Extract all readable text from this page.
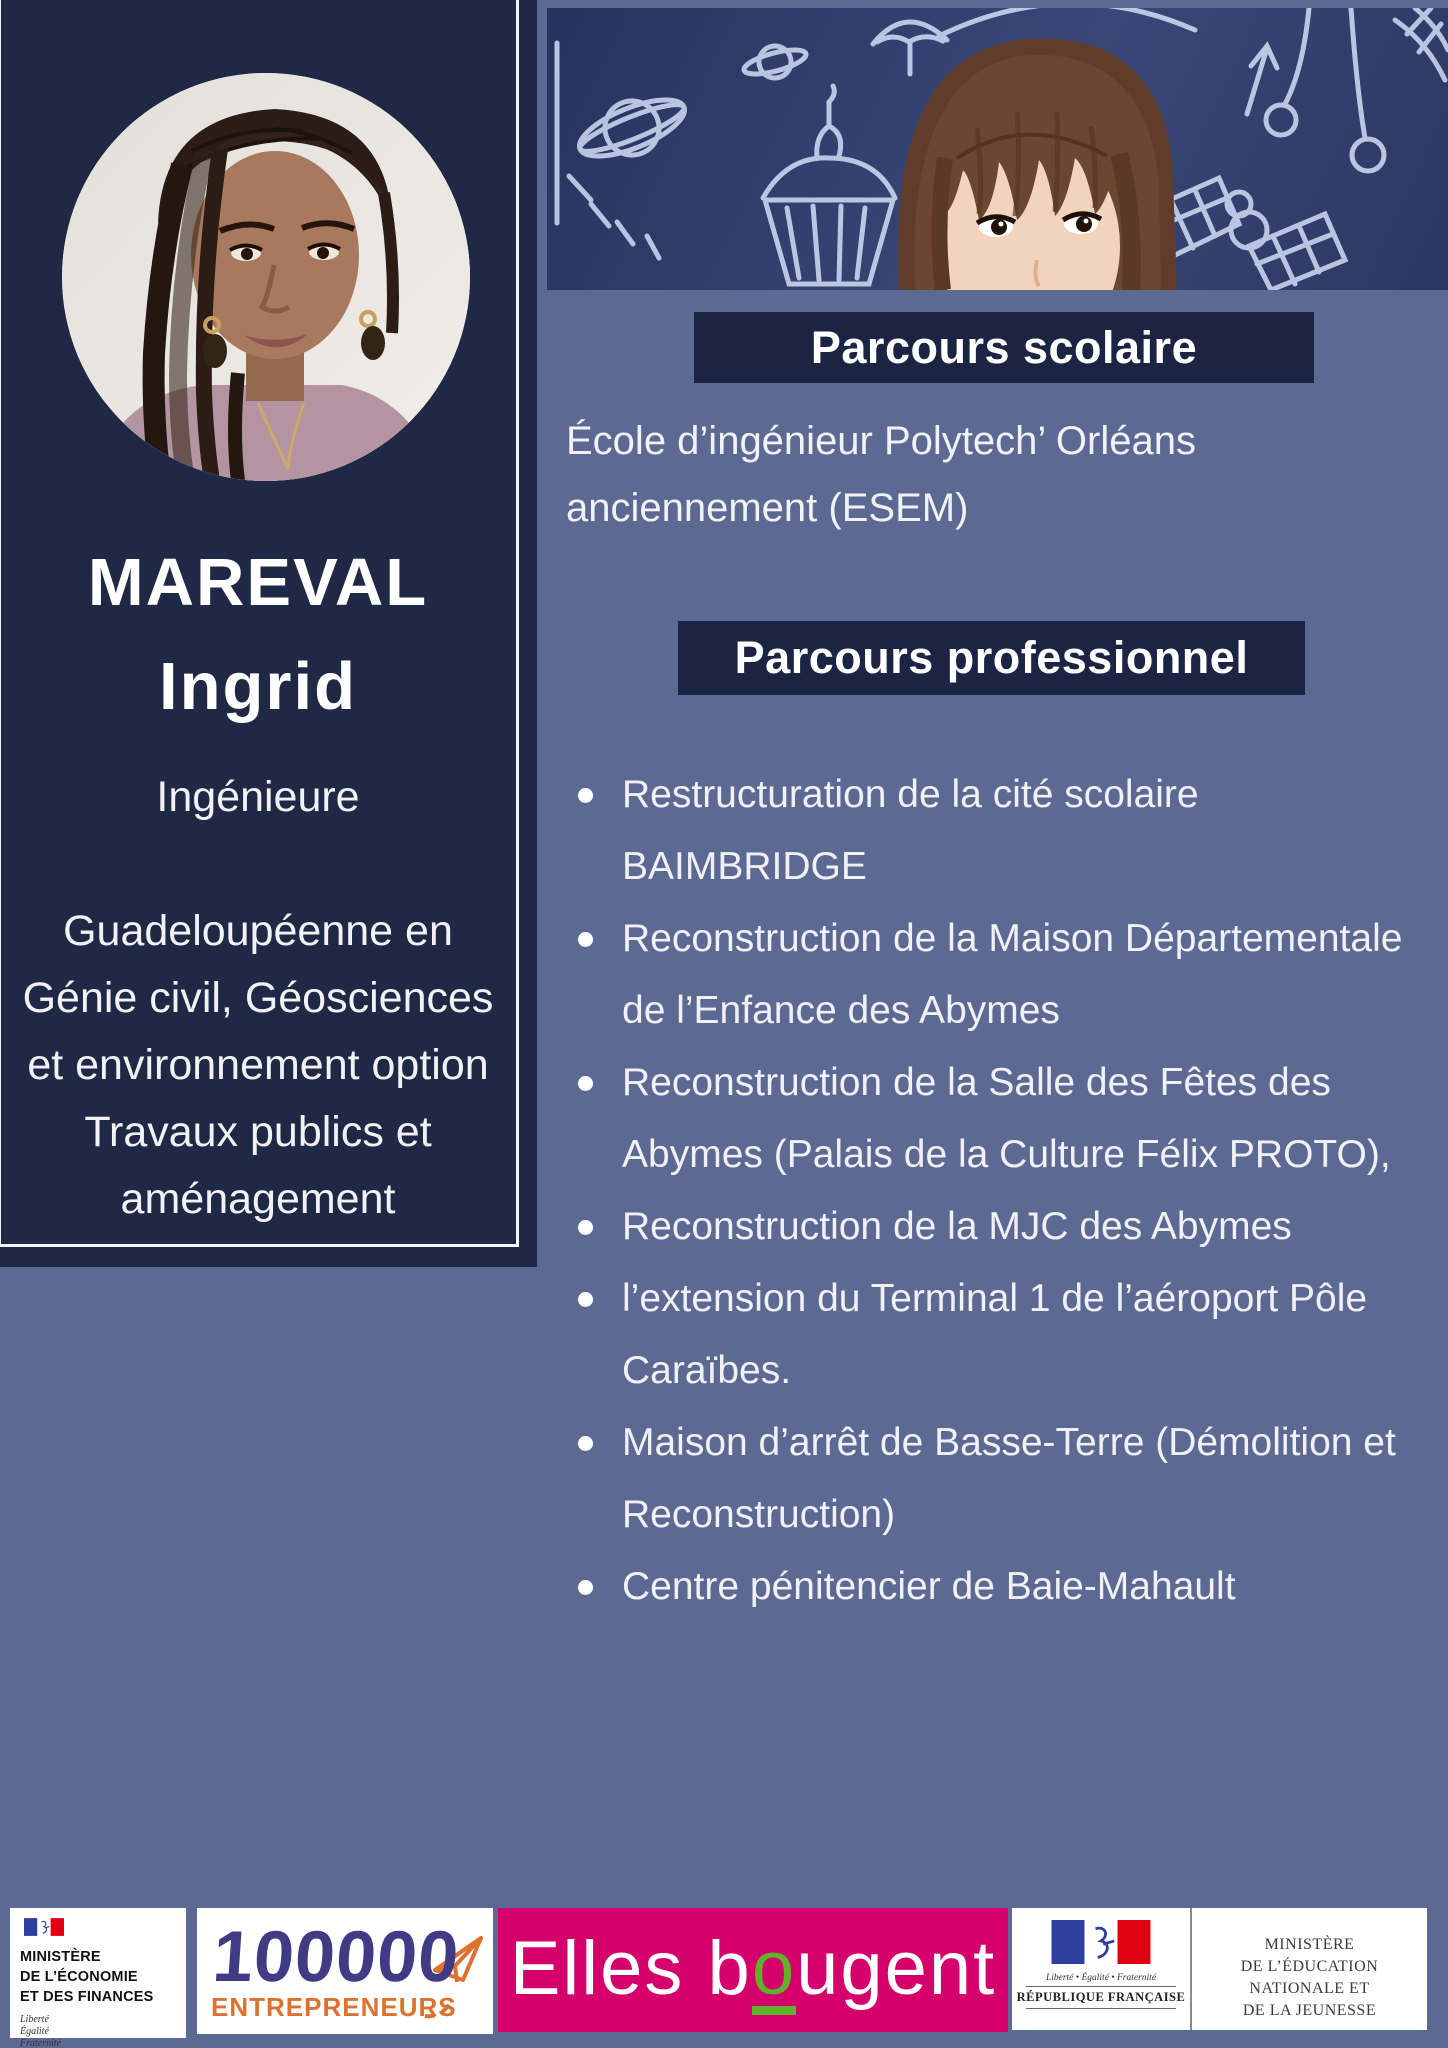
MAREVAL
Ingrid
Ingénieure
Guadeloupéenne en
Génie civil, Géosciences
et environnement option
Travaux publics et
aménagement
Parcours scolaire
École d’ingénieur Polytech’ Orléans
anciennement (ESEM)
Parcours professionnel
Restructuration de la cité scolaire
BAIMBRIDGE
Reconstruction de la Maison Départementale
de l’Enfance des Abymes
Reconstruction de la Salle des Fêtes des
Abymes (Palais de la Culture Félix PROTO),
Reconstruction de la MJC des Abymes
l’extension du Terminal 1 de l’aéroport Pôle
Caraïbes.
Maison d’arrêt de Basse-Terre (Démolition et
Reconstruction)
Centre pénitencier de Baie-Mahault
MINISTÈRE
DE L’ÉCONOMIE
ET DES FINANCES
Liberté
Égalité
Fraternité
100000
ENTREPRENEURS Elles bougent	Liberté • Égalité • Fraternité
RÉPUBLIQUE FRANÇAISE
MINISTÈRE
DE L’ÉDUCATION
NATIONALE ET
DE LA JEUNESSE
